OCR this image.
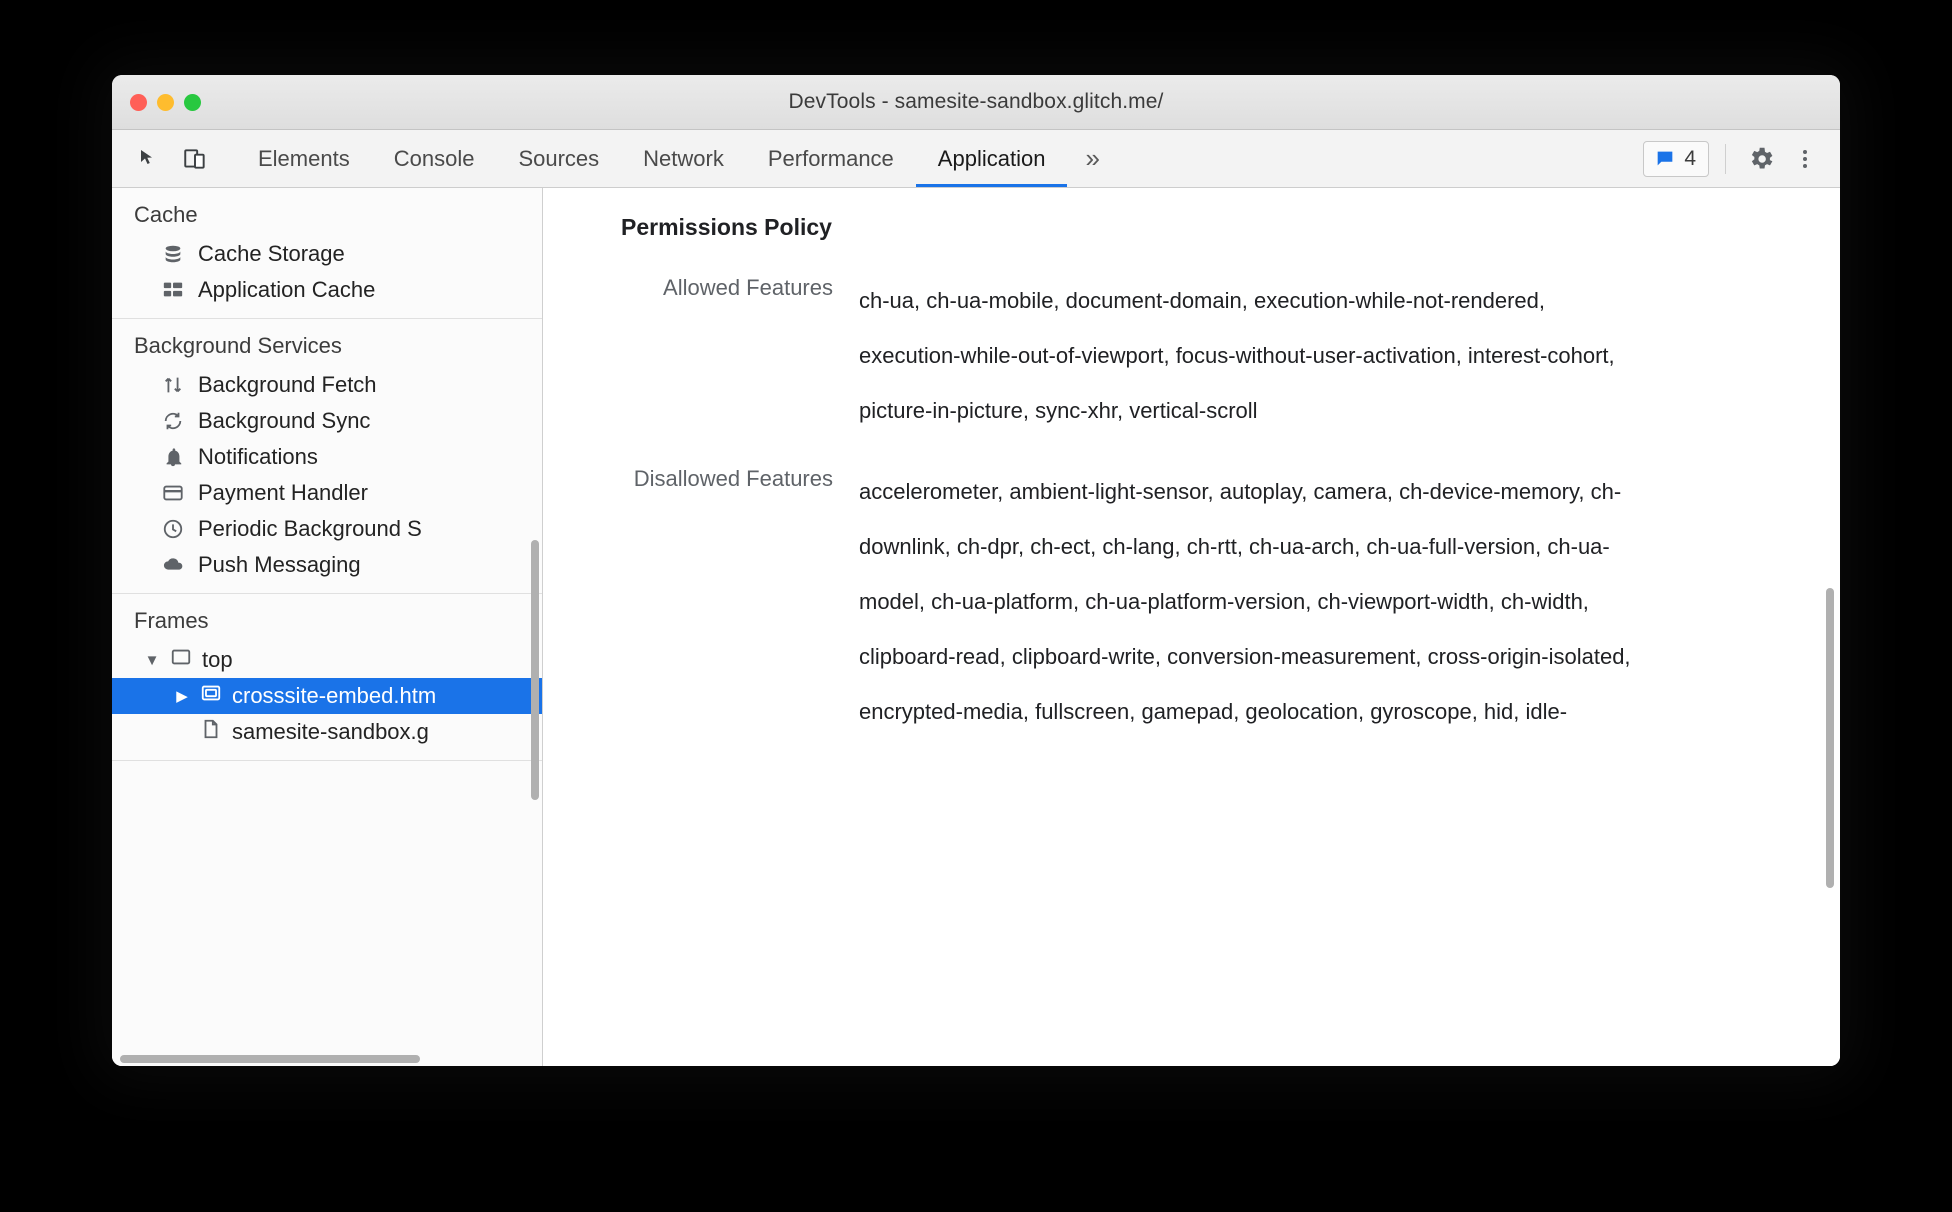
DevTools - samesite-sandbox.glitch.me/
Elements	Console	Sources	Network	Performance	Application	»	4
Cache
Cache Storage
Application Cache
Background Services
Background Fetch
Background Sync
Notifications
Payment Handler
Periodic Background S
Push Messaging
Frames
▼ top
▶ crosssite-embed.htm
samesite-sandbox.g
Permissions Policy
Allowed Features
ch-ua, ch-ua-mobile, document-domain, execution-while-not-rendered, execution-while-out-of-viewport, focus-without-user-activation, interest-cohort, picture-in-picture, sync-xhr, vertical-scroll
Disallowed Features
accelerometer, ambient-light-sensor, autoplay, camera, ch-device-memory, ch-downlink, ch-dpr, ch-ect, ch-lang, ch-rtt, ch-ua-arch, ch-ua-full-version, ch-ua-model, ch-ua-platform, ch-ua-platform-version, ch-viewport-width, ch-width, clipboard-read, clipboard-write, conversion-measurement, cross-origin-isolated, encrypted-media, fullscreen, gamepad, geolocation, gyroscope, hid, idle-
